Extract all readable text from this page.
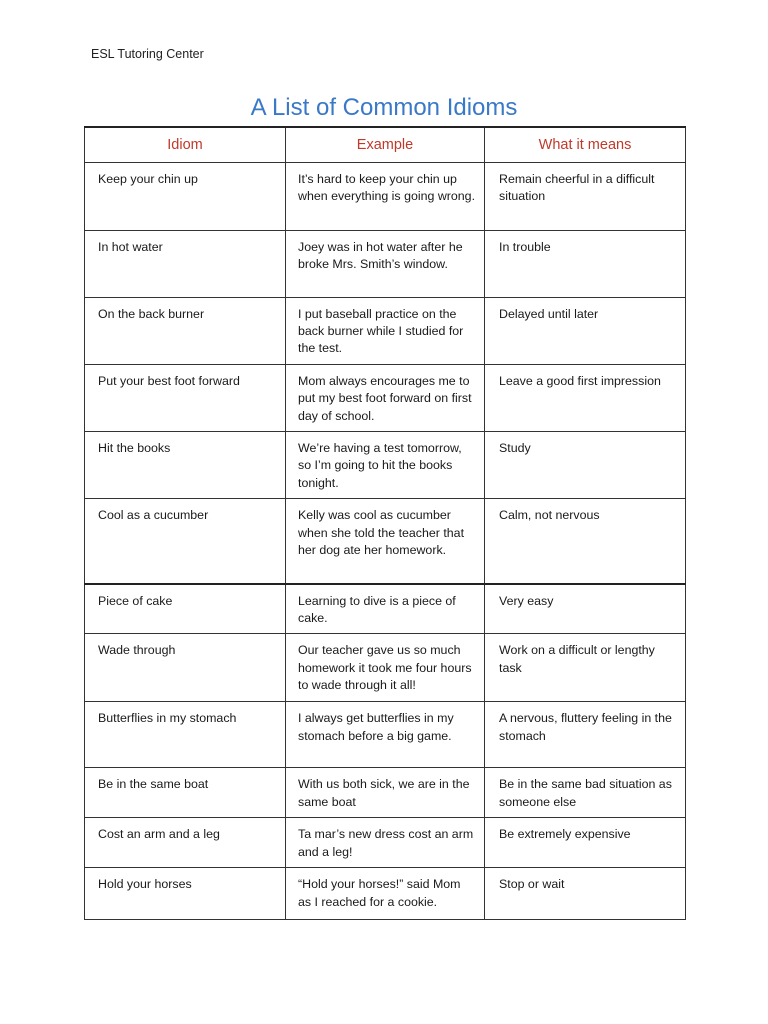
ESL Tutoring Center
A List of Common Idioms
Idiom	Example	What it means
Keep your chin up	It’s hard to keep your chin up when everything is going wrong.	Remain cheerful in a difficult situation
In hot water	Joey was in hot water after he broke Mrs. Smith’s window.	In trouble
On the back burner	I put baseball practice on the back burner while I studied for the test.	Delayed until later
Put your best foot forward	Mom always encourages me to put my best foot forward on first day of school.	Leave a good first impression
Hit the books	We’re having a test tomorrow, so I’m going to hit the books tonight.	Study
Cool as a cucumber	Kelly was cool as cucumber when she told the teacher that her dog ate her homework.	Calm, not nervous
Piece of cake	Learning to dive is a piece of cake.	Very easy
Wade through	Our teacher gave us so much homework it took me four hours to wade through it all!	Work on a difficult or lengthy task
Butterflies in my stomach	I always get butterflies in my stomach before a big game.	A nervous, fluttery feeling in the stomach
Be in the same boat	With us both sick, we are in the same boat	Be in the same bad situation as someone else
Cost an arm and a leg	Ta mar’s new dress cost an arm and a leg!	Be extremely expensive
Hold your horses	“Hold your horses!” said Mom as I reached for a cookie.	Stop or wait
